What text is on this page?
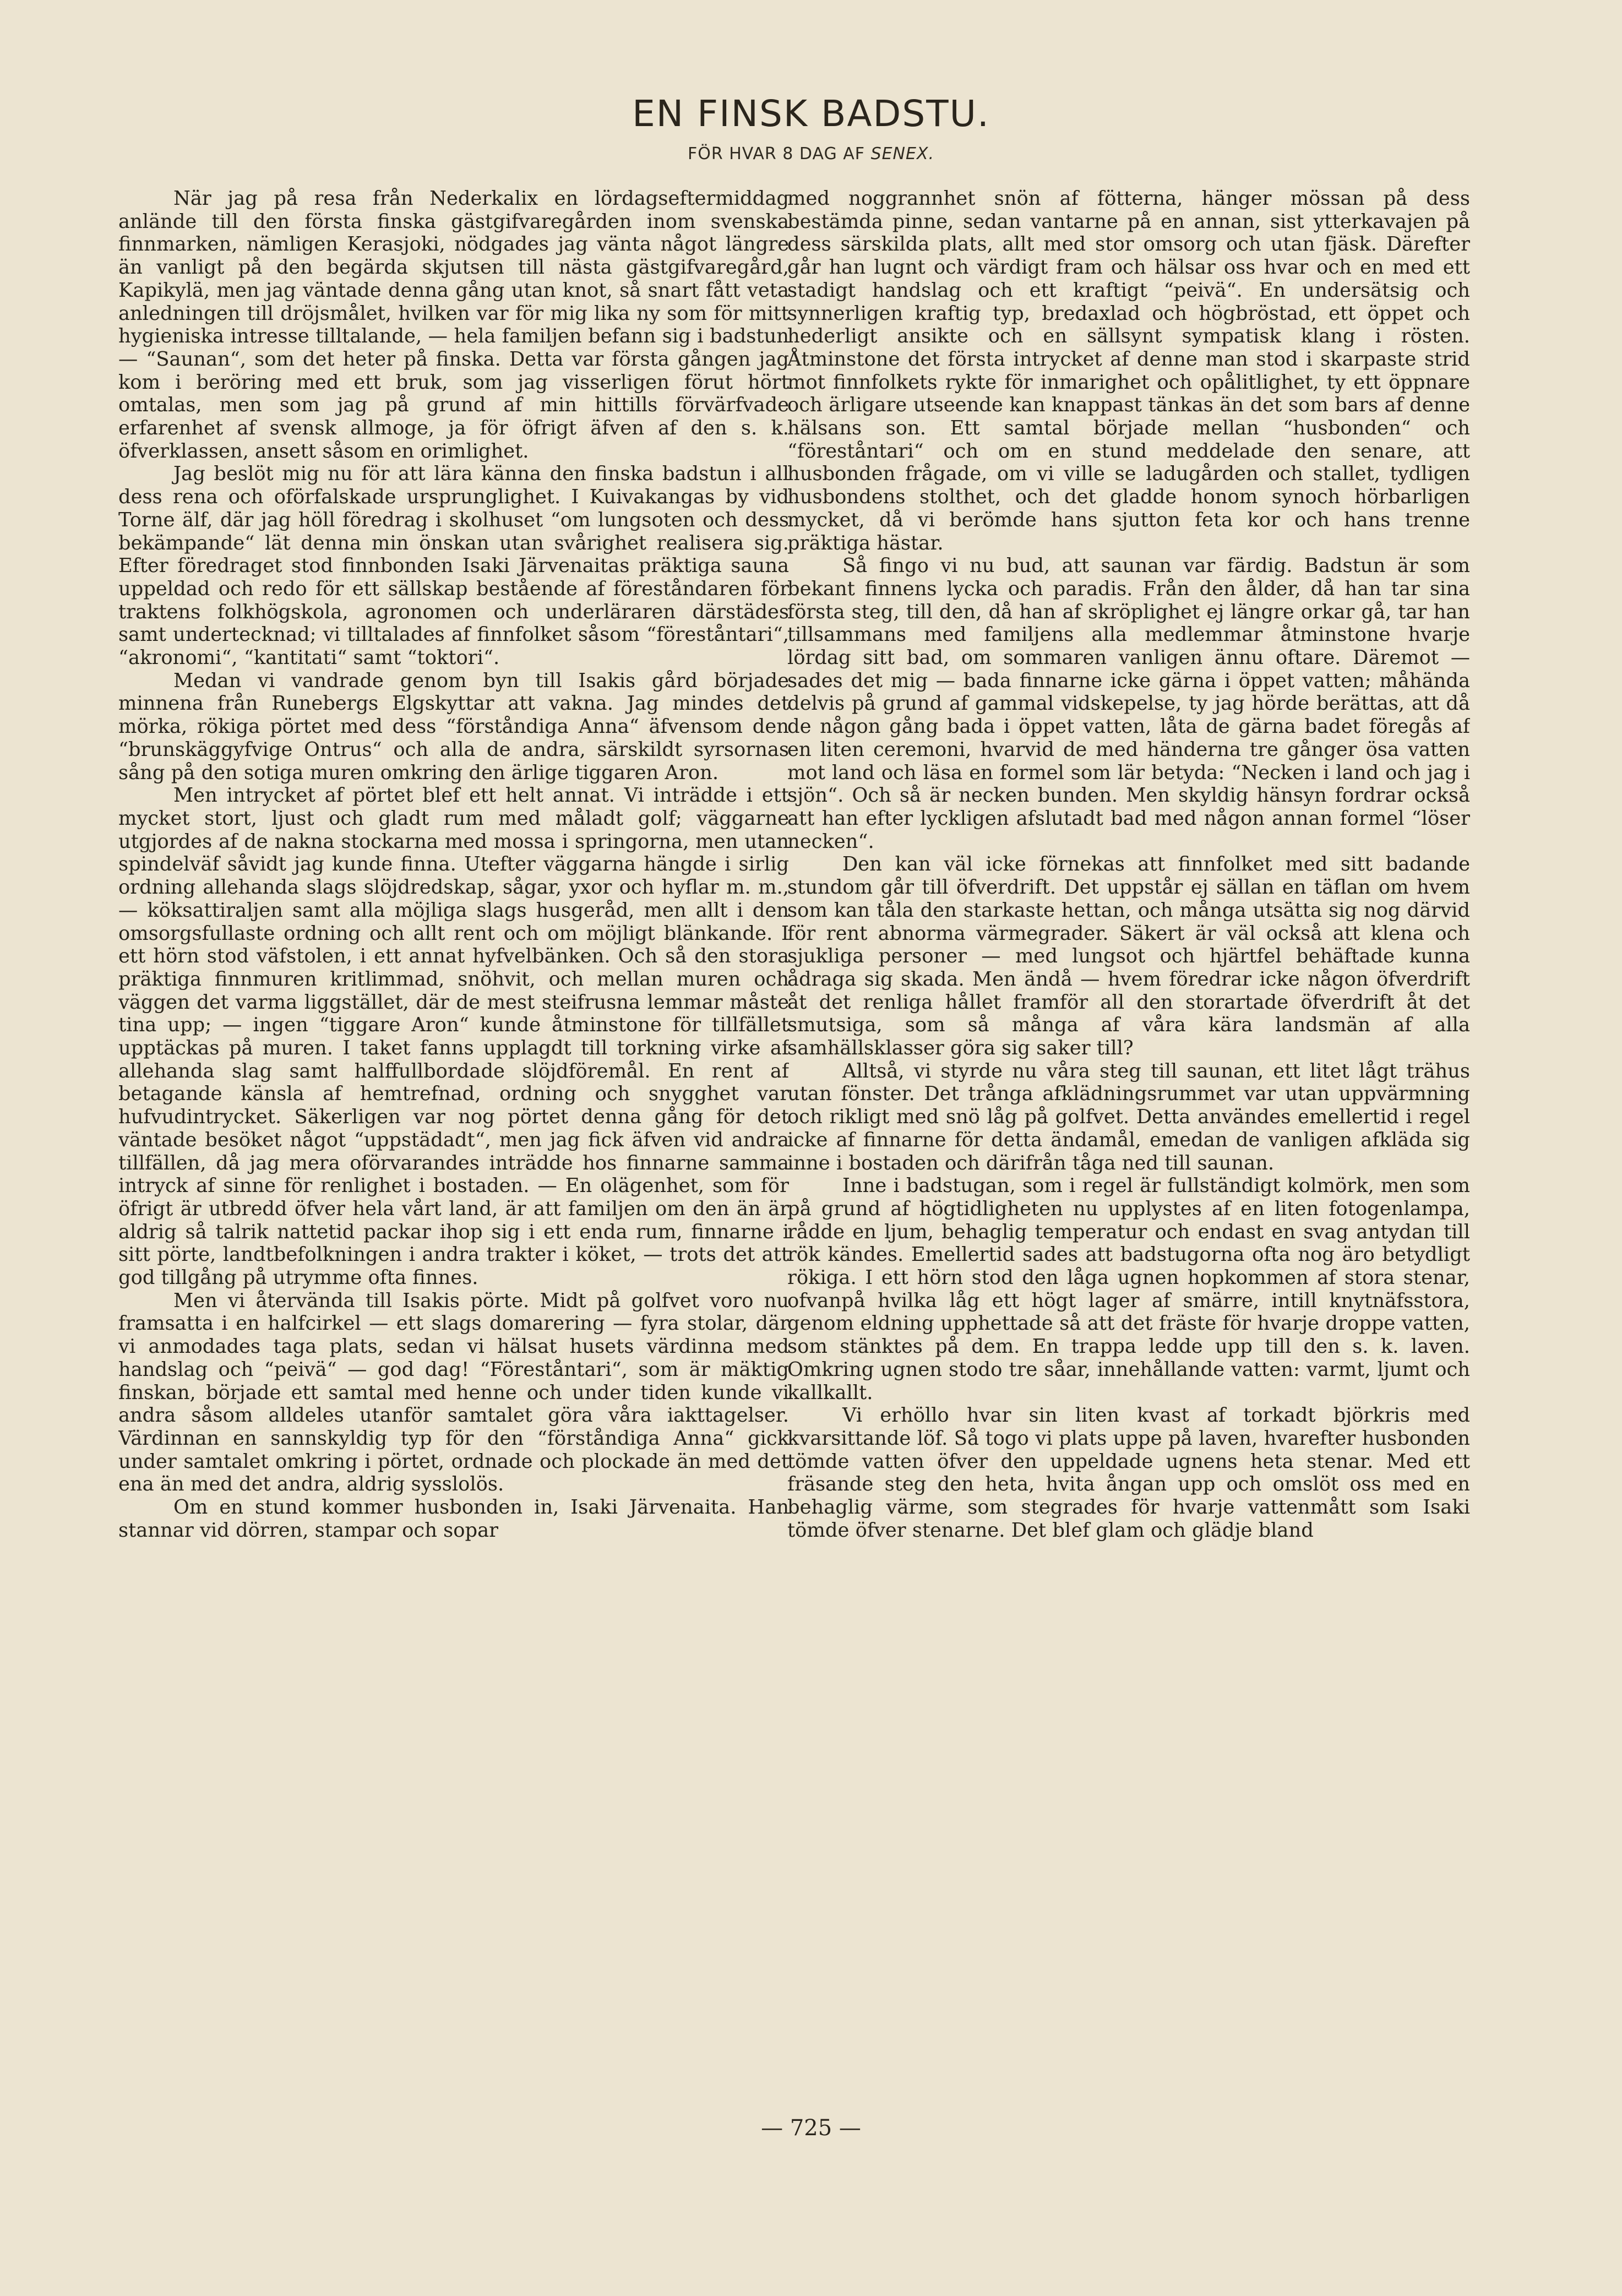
EN FINSK BADSTU.
FÖR HVAR 8 DAG AF SENEX.

När jag på resa från Nederkalix en lördagseftermiddag anlände till den första finska gästgifvaregården inom svenska finnmarken, nämligen Kerasjoki, nödgades jag vänta något längre än vanligt på den begärda skjutsen till nästa gästgifvaregård, Kapikylä, men jag väntade denna gång utan knot, så snart fått veta anledningen till dröjsmålet, hvilken var för mig lika ny som för mitt hygieniska intresse tilltalande, — hela familjen befann sig i badstun — “Saunan“, som det heter på finska. Detta var första gången jag kom i beröring med ett bruk, som jag visserligen förut hört omtalas, men som jag på grund af min hittills förvärfvade erfarenhet af svensk allmoge, ja för öfrigt äfven af den s. k. öfverklassen, ansett såsom en orimlighet.

Jag beslöt mig nu för att lära känna den finska badstun i all dess rena och oförfalskade ursprunglighet. I Kuivakangas by vid Torne älf, där jag höll föredrag i skolhuset “om lungsoten och dess bekämpande“ lät denna min önskan utan svårighet realisera sig. Efter föredraget stod finnbonden Isaki Järvenaitas präktiga sauna uppeldad och redo för ett sällskap bestående af föreståndaren för traktens folkhögskola, agronomen och underläraren därstädes samt undertecknad; vi tilltalades af finnfolket såsom “föreståntari“, “akronomi“, “kantitati“ samt “toktori“.

Medan vi vandrade genom byn till Isakis gård började minnena från Runebergs Elgskyttar att vakna. Jag mindes det mörka, rökiga pörtet med dess “förståndiga Anna“ äfvensom den “brunskäggyfvige Ontrus“ och alla de andra, särskildt syrsornas sång på den sotiga muren omkring den ärlige tiggaren Aron.

Men intrycket af pörtet blef ett helt annat. Vi inträdde i ett mycket stort, ljust och gladt rum med måladt golf; väggarne utgjordes af de nakna stockarna med mossa i springorna, men utan spindelväf såvidt jag kunde finna. Utefter väggarna hängde i sirlig ordning allehanda slags slöjdredskap, sågar, yxor och hyflar m. m., — köksattiraljen samt alla möjliga slags husgeråd, men allt i den omsorgsfullaste ordning och allt rent och om möjligt blänkande. I ett hörn stod väfstolen, i ett annat hyfvelbänken. Och så den stora präktiga finnmuren kritlimmad, snöhvit, och mellan muren och väggen det varma liggstället, där de mest steifrusna lemmar måste tina upp; — ingen “tiggare Aron“ kunde åtminstone för tillfället upptäckas på muren. I taket fanns upplagdt till torkning virke af allehanda slag samt halffullbordade slöjdföremål. En rent af betagande känsla af hemtrefnad, ordning och snygghet var hufvudintrycket. Säkerligen var nog pörtet denna gång för det väntade besöket något “uppstädadt“, men jag fick äfven vid andra tillfällen, då jag mera oförvarandes inträdde hos finnarne samma intryck af sinne för renlighet i bostaden. — En olägenhet, som för öfrigt är utbredd öfver hela vårt land, är att familjen om den än är aldrig så talrik nattetid packar ihop sig i ett enda rum, finnarne i sitt pörte, landtbefolkningen i andra trakter i köket, — trots det att god tillgång på utrymme ofta finnes.

Men vi återvända till Isakis pörte. Midt på golfvet voro nu framsatta i en halfcirkel — ett slags domarering — fyra stolar, där vi anmodades taga plats, sedan vi hälsat husets värdinna med handslag och “peivä“ — god dag! “Föreståntari“, som är mäktig finskan, började ett samtal med henne och under tiden kunde vi andra såsom alldeles utanför samtalet göra våra iakttagelser. Värdinnan en sannskyldig typ för den “förståndiga Anna“ gick under samtalet omkring i pörtet, ordnade och plockade än med det ena än med det andra, aldrig sysslolös.

Om en stund kommer husbonden in, Isaki Järvenaita. Han stannar vid dörren, stampar och sopar

med noggrannhet snön af fötterna, hänger mössan på dess bestämda pinne, sedan vantarne på en annan, sist ytterkavajen på dess särskilda plats, allt med stor omsorg och utan fjäsk. Därefter går han lugnt och värdigt fram och hälsar oss hvar och en med ett stadigt handslag och ett kraftigt “peivä“. En undersätsig och synnerligen kraftig typ, bredaxlad och högbröstad, ett öppet och hederligt ansikte och en sällsynt sympatisk klang i rösten. Åtminstone det första intrycket af denne man stod i skarpaste strid mot finnfolkets rykte för inmarighet och opålitlighet, ty ett öppnare och ärligare utseende kan knappast tänkas än det som bars af denne hälsans son. Ett samtal började mellan “husbonden“ och “föreståntari“ och om en stund meddelade den senare, att husbonden frågade, om vi ville se ladugården och stallet, tydligen husbondens stolthet, och det gladde honom synoch hörbarligen mycket, då vi berömde hans sjutton feta kor och hans trenne präktiga hästar.

Så fingo vi nu bud, att saunan var färdig. Badstun är som bekant finnens lycka och paradis. Från den ålder, då han tar sina första steg, till den, då han af skröplighet ej längre orkar gå, tar han tillsammans med familjens alla medlemmar åtminstone hvarje lördag sitt bad, om sommaren vanligen ännu oftare. Däremot — sades det mig — bada finnarne icke gärna i öppet vatten; måhända delvis på grund af gammal vidskepelse, ty jag hörde berättas, att då de någon gång bada i öppet vatten, låta de gärna badet föregås af en liten ceremoni, hvarvid de med händerna tre gånger ösa vatten mot land och läsa en formel som lär betyda: “Necken i land och jag i sjön“. Och så är necken bunden. Men skyldig hänsyn fordrar också att han efter lyckligen afslutadt bad med någon annan formel “löser necken“.

Den kan väl icke förnekas att finnfolket med sitt badande stundom går till öfverdrift. Det uppstår ej sällan en täflan om hvem som kan tåla den starkaste hettan, och många utsätta sig nog därvid för rent abnorma värmegrader. Säkert är väl också att klena och sjukliga personer — med lungsot och hjärtfel behäftade kunna ådraga sig skada. Men ändå — hvem föredrar icke någon öfverdrift åt det renliga hållet framför all den storartade öfverdrift åt det smutsiga, som så många af våra kära landsmän af alla samhällsklasser göra sig saker till?

Alltså, vi styrde nu våra steg till saunan, ett litet lågt trähus utan fönster. Det trånga afklädningsrummet var utan uppvärmning och rikligt med snö låg på golfvet. Detta användes emellertid i regel icke af finnarne för detta ändamål, emedan de vanligen afkläda sig inne i bostaden och därifrån tåga ned till saunan.

Inne i badstugan, som i regel är fullständigt kolmörk, men som på grund af högtidligheten nu upplystes af en liten fotogenlampa, rådde en ljum, behaglig temperatur och endast en svag antydan till rök kändes. Emellertid sades att badstugorna ofta nog äro betydligt rökiga. I ett hörn stod den låga ugnen hopkommen af stora stenar, ofvanpå hvilka låg ett högt lager af smärre, intill knytnäfsstora, genom eldning upphettade så att det fräste för hvarje droppe vatten, som stänktes på dem. En trappa ledde upp till den s. k. laven. Omkring ugnen stodo tre såar, innehållande vatten: varmt, ljumt och kallkallt.

Vi erhöllo hvar sin liten kvast af torkadt björkris med kvarsittande löf. Så togo vi plats uppe på laven, hvarefter husbonden tömde vatten öfver den uppeldade ugnens heta stenar. Med ett fräsande steg den heta, hvita ångan upp och omslöt oss med en behaglig värme, som stegrades för hvarje vattenmått som Isaki tömde öfver stenarne. Det blef glam och glädje bland

— 725 —
